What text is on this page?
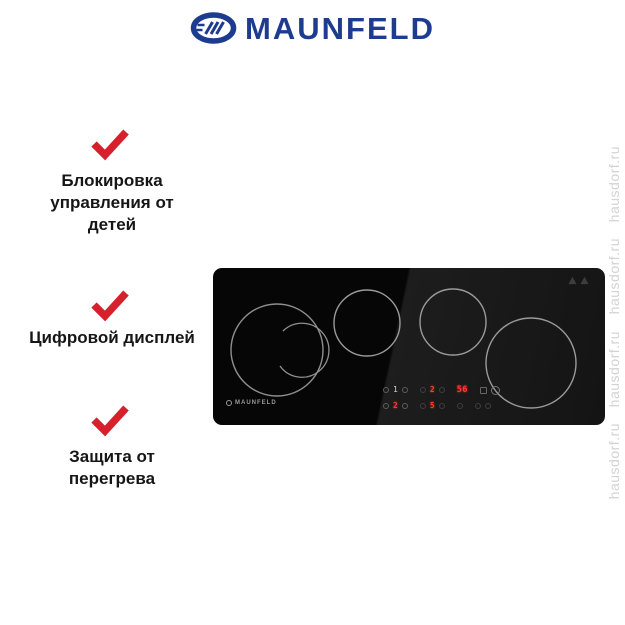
MAUNFELD
Блокировка управления от детей
Цифровой дисплей
Защита от перегрева
1	2 56
2	5
MAUNFELD
hausdorf.ru
hausdorf.ru
hausdorf.ru
hausdorf.ru
